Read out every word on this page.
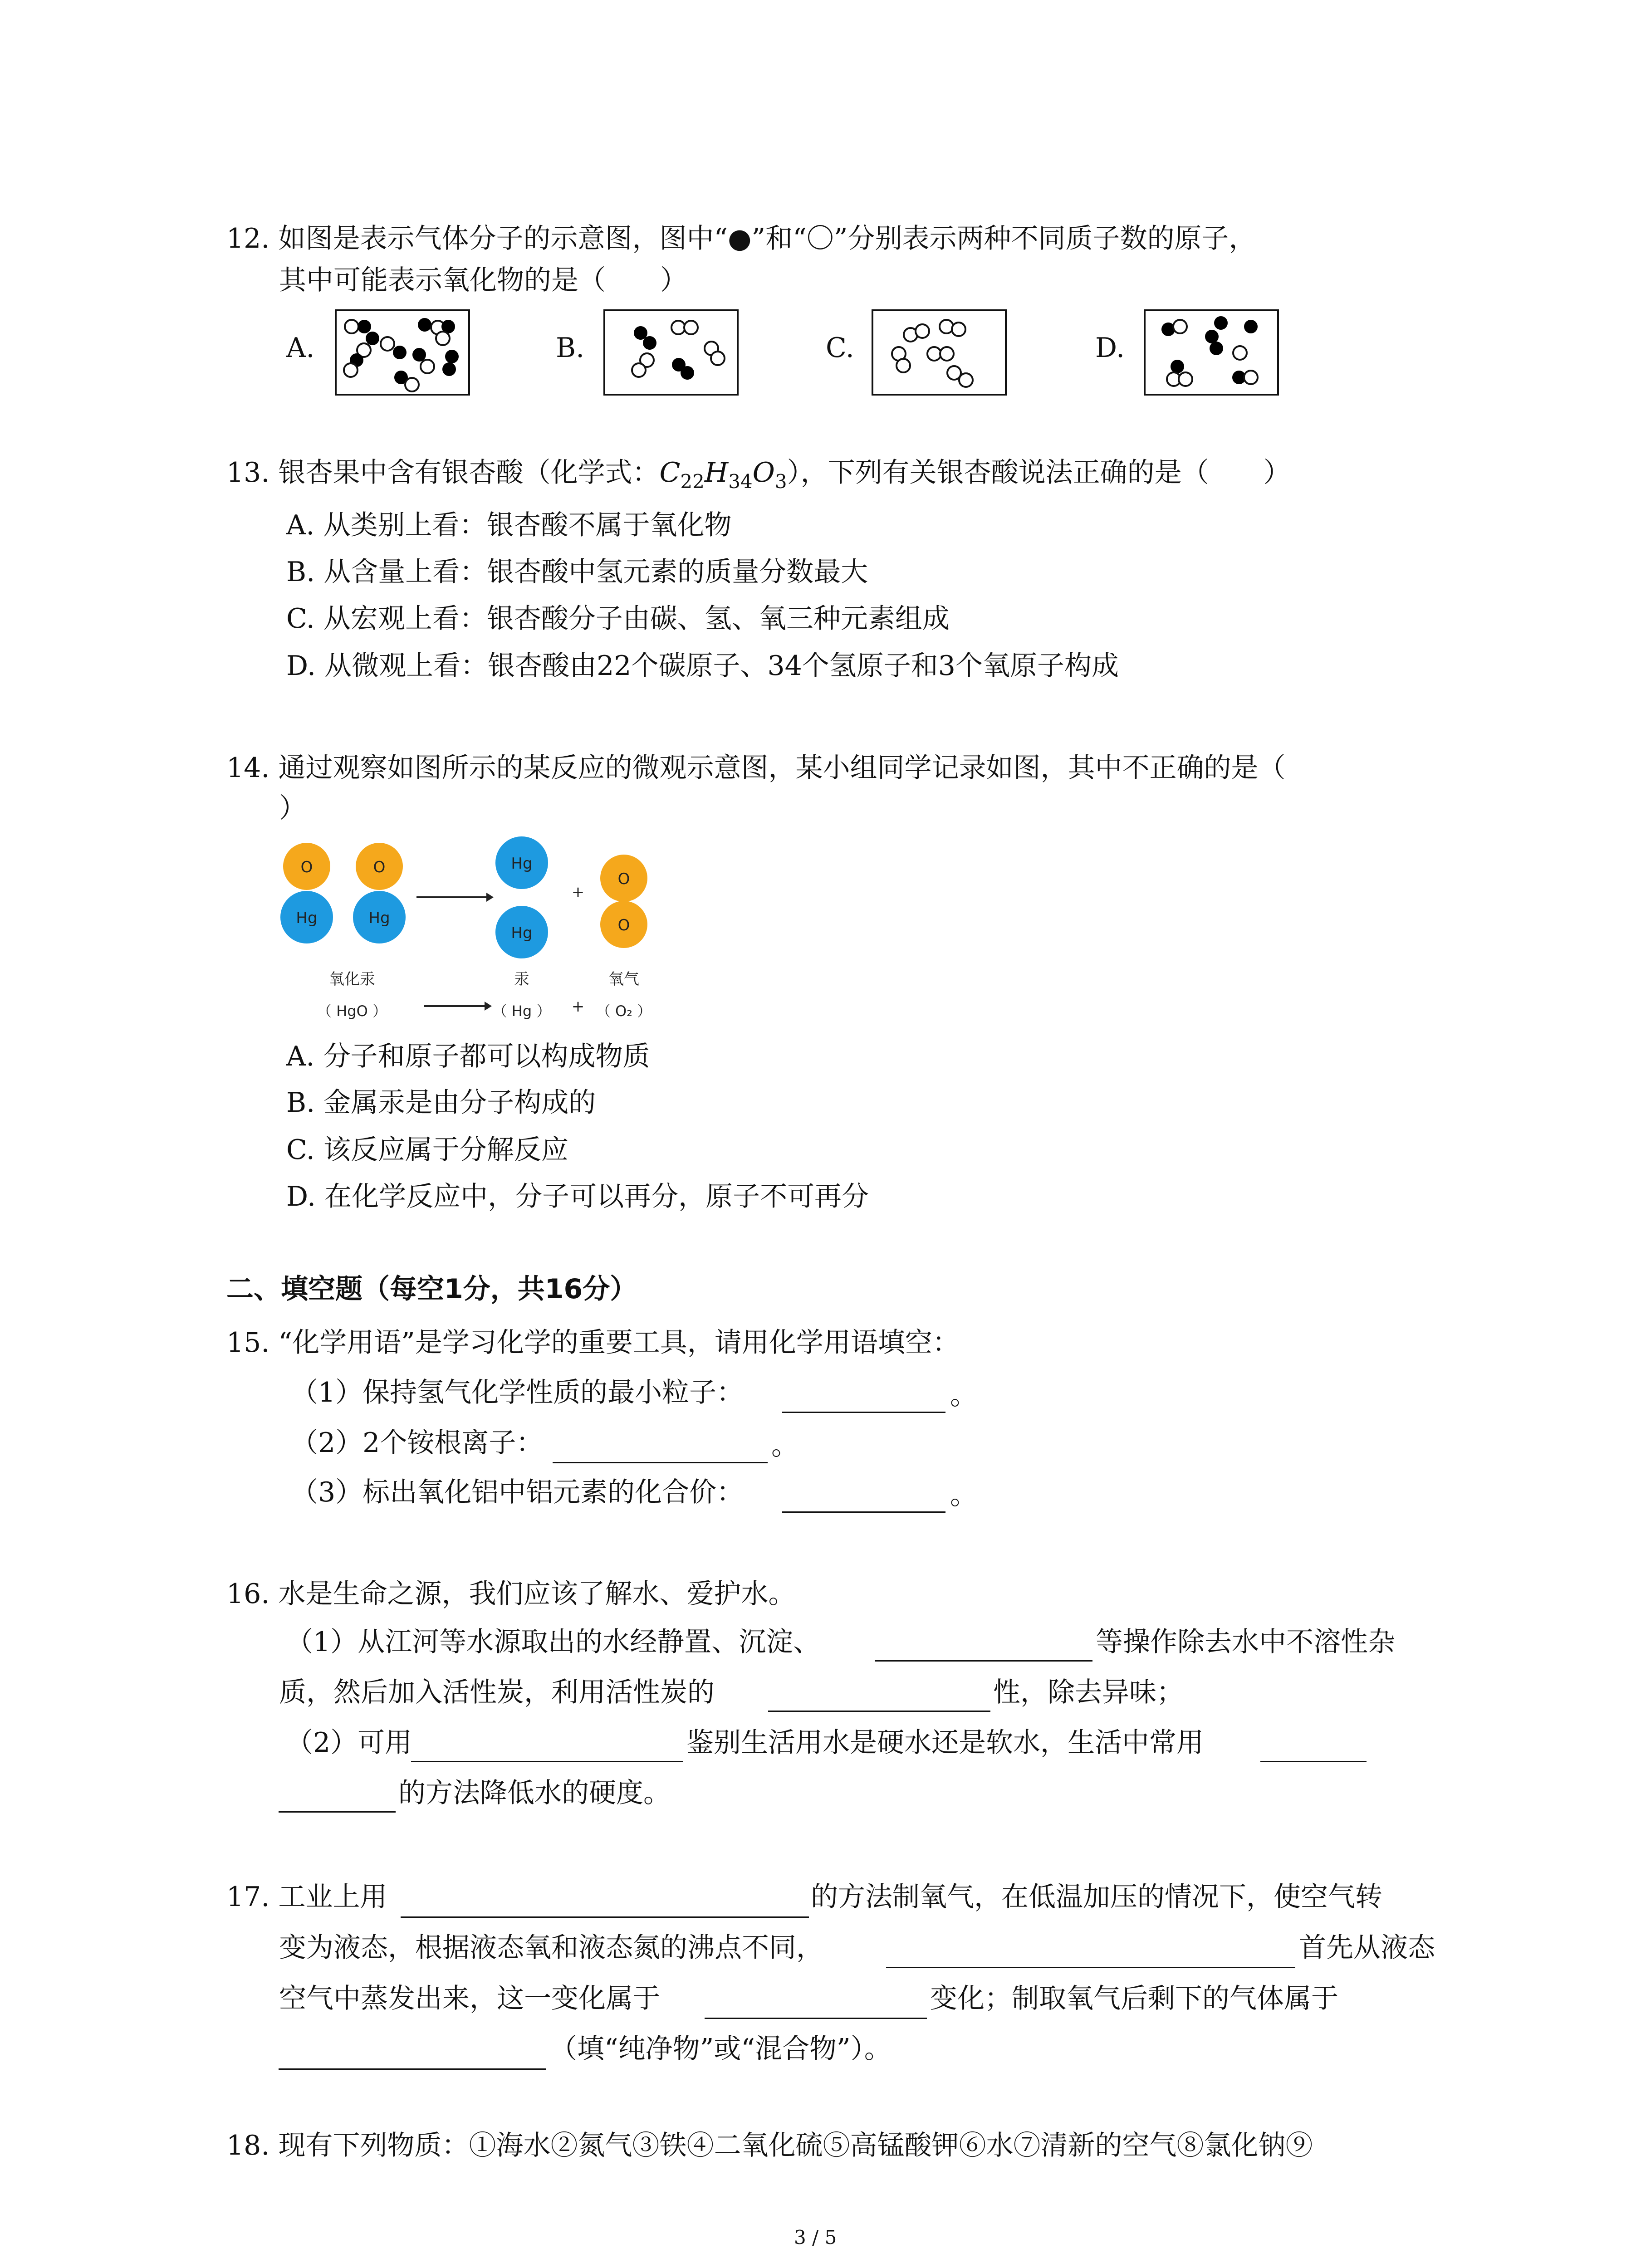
12. 如图是表示气体分子的示意图，图中“●”和“〇”分别表示两种不同质子数的原子，
其中可能表示氧化物的是（　　）
A.	B.	C.	D.
13. 银杏果中含有银杏酸（化学式：$C_{22}H_{34}O_3$），下列有关银杏酸说法正确的是（　　）
A. 从类别上看：银杏酸不属于氧化物
B. 从含量上看：银杏酸中氢元素的质量分数最大
C. 从宏观上看：银杏酸分子由碳、氢、氧三种元素组成
D. 从微观上看：银杏酸由22个碳原子、34个氢原子和3个氧原子构成
14. 通过观察如图所示的某反应的微观示意图，某小组同学记录如图，其中不正确的是（
）
O
Hg
O
Hg
Hg
Hg
+
O
O
氧化汞
（ HgO ）
汞
（ Hg ） +
氧气
（ O₂ ）
A. 分子和原子都可以构成物质
B. 金属汞是由分子构成的
C. 该反应属于分解反应
D. 在化学反应中，分子可以再分，原子不可再分
二、填空题（每空1分，共16分）
15. “化学用语”是学习化学的重要工具，请用化学用语填空：
（1）保持氢气化学性质的最小粒子：	。
（2）2个铵根离子：	。
（3）标出氧化铝中铝元素的化合价：	。
16. 水是生命之源，我们应该了解水、爱护水。
（1）从江河等水源取出的水经静置、沉淀、	等操作除去水中不溶性杂
质，然后加入活性炭，利用活性炭的	性，除去异味；
（2）可用	鉴别生活用水是硬水还是软水，生活中常用
的方法降低水的硬度。
17. 工业上用	的方法制氧气，在低温加压的情况下，使空气转
变为液态，根据液态氧和液态氮的沸点不同，	首先从液态
空气中蒸发出来，这一变化属于	变化；制取氧气后剩下的气体属于
（填“纯净物”或“混合物”）。
18. 现有下列物质：①海水②氮气③铁④二氧化硫⑤高锰酸钾⑥水⑦清新的空气⑧氯化钠⑨
3 / 5
